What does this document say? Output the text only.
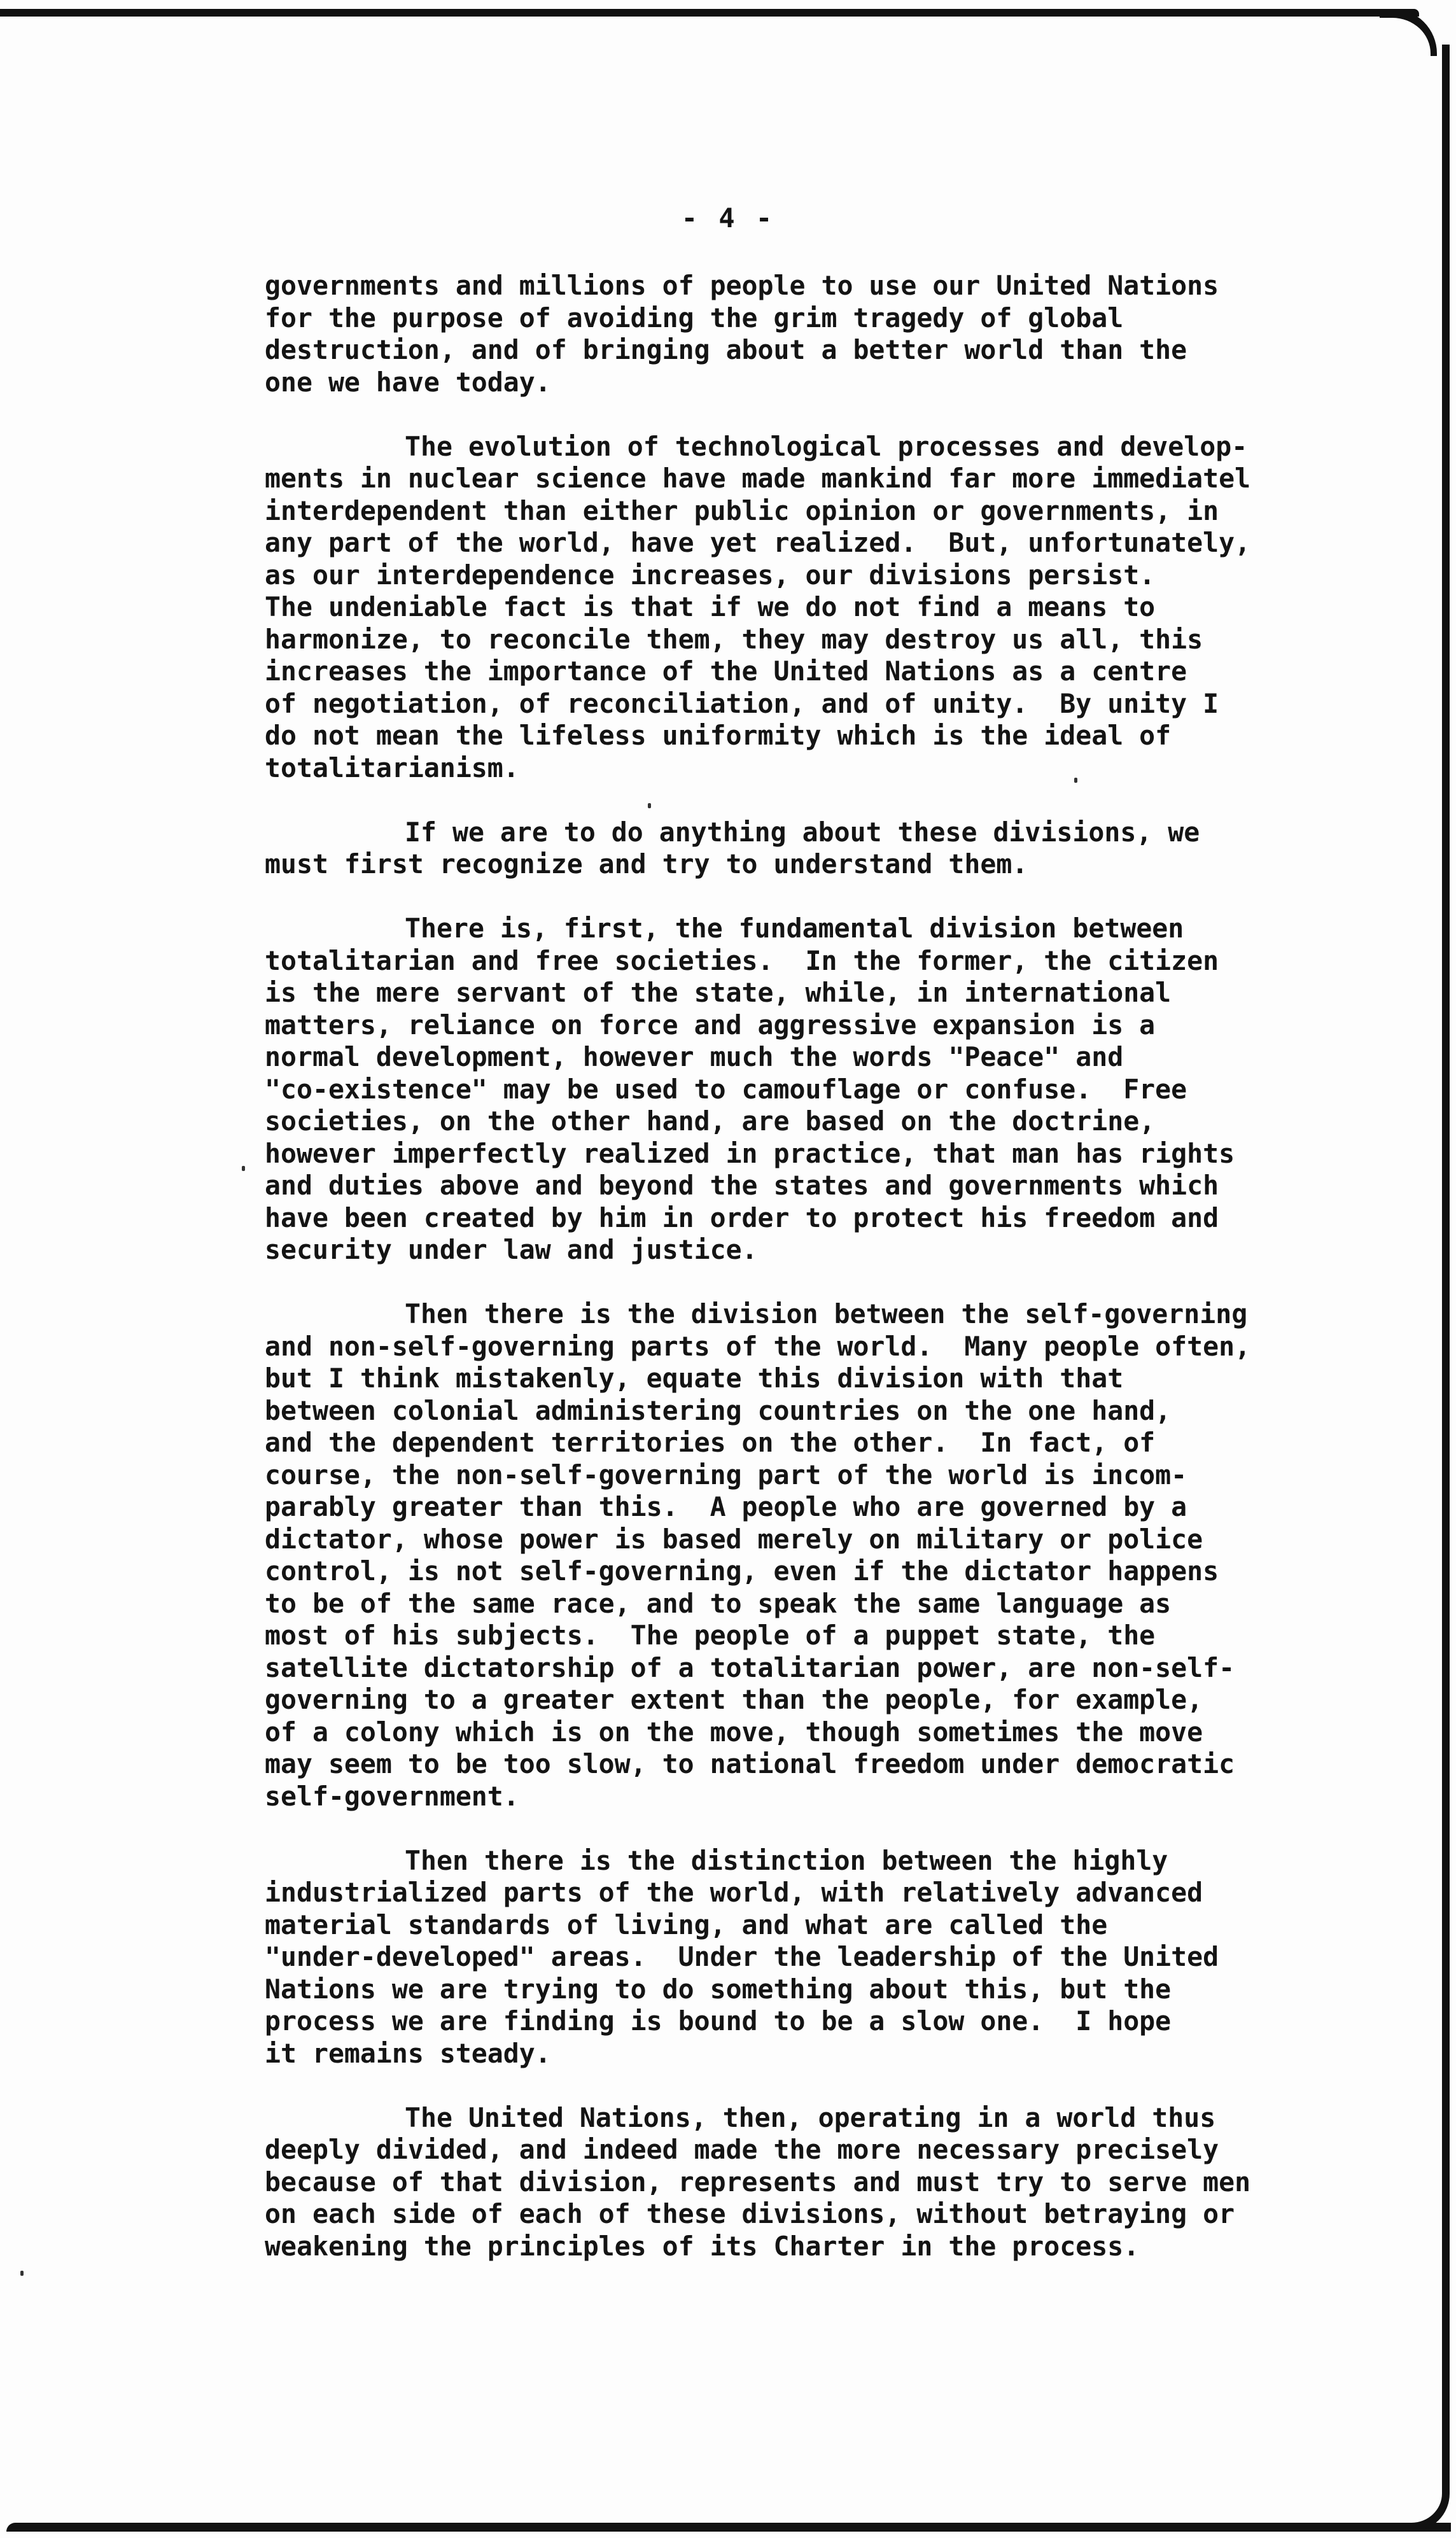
- 4 -
governments and millions of people to use our United Nations
for the purpose of avoiding the grim tragedy of global
destruction, and of bringing about a better world than the
one we have today.
The evolution of technological processes and develop-
ments in nuclear science have made mankind far more immediatel
interdependent than either public opinion or governments, in
any part of the world, have yet realized.  But, unfortunately,
as our interdependence increases, our divisions persist.
The undeniable fact is that if we do not find a means to
harmonize, to reconcile them, they may destroy us all, this
increases the importance of the United Nations as a centre
of negotiation, of reconciliation, and of unity.  By unity I
do not mean the lifeless uniformity which is the ideal of
totalitarianism.
If we are to do anything about these divisions, we
must first recognize and try to understand them.
There is, first, the fundamental division between
totalitarian and free societies.  In the former, the citizen
is the mere servant of the state, while, in international
matters, reliance on force and aggressive expansion is a
normal development, however much the words "Peace" and
"co-existence" may be used to camouflage or confuse.  Free
societies, on the other hand, are based on the doctrine,
however imperfectly realized in practice, that man has rights
and duties above and beyond the states and governments which
have been created by him in order to protect his freedom and
security under law and justice.
Then there is the division between the self-governing
and non-self-governing parts of the world.  Many people often,
but I think mistakenly, equate this division with that
between colonial administering countries on the one hand,
and the dependent territories on the other.  In fact, of
course, the non-self-governing part of the world is incom-
parably greater than this.  A people who are governed by a
dictator, whose power is based merely on military or police
control, is not self-governing, even if the dictator happens
to be of the same race, and to speak the same language as
most of his subjects.  The people of a puppet state, the
satellite dictatorship of a totalitarian power, are non-self-
governing to a greater extent than the people, for example,
of a colony which is on the move, though sometimes the move
may seem to be too slow, to national freedom under democratic
self-government.
Then there is the distinction between the highly
industrialized parts of the world, with relatively advanced
material standards of living, and what are called the
"under-developed" areas.  Under the leadership of the United
Nations we are trying to do something about this, but the
process we are finding is bound to be a slow one.  I hope
it remains steady.
The United Nations, then, operating in a world thus
deeply divided, and indeed made the more necessary precisely
because of that division, represents and must try to serve men
on each side of each of these divisions, without betraying or
weakening the principles of its Charter in the process.
